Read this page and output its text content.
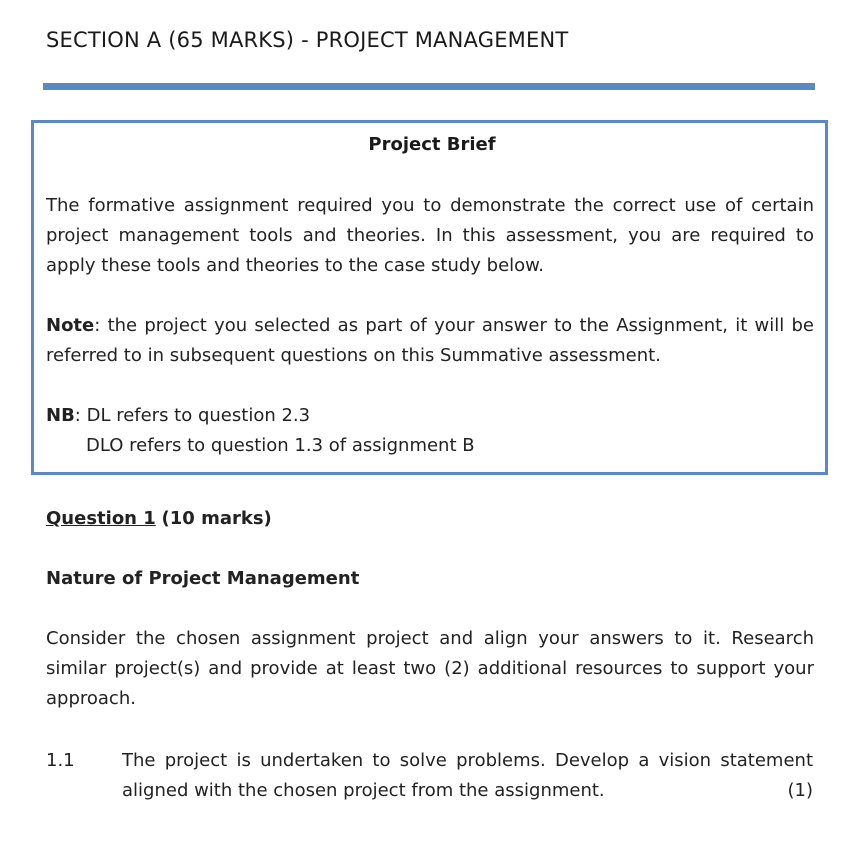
SECTION A (65 MARKS) - PROJECT MANAGEMENT
Project Brief
The formative assignment required you to demonstrate the correct use of certain project management tools and theories. In this assessment, you are required to apply these tools and theories to the case study below.
Note: the project you selected as part of your answer to the Assignment, it will be referred to in subsequent questions on this Summative assessment.
NB: DL refers to question 2.3
DLO refers to question 1.3 of assignment B
Question 1 (10 marks)
Nature of Project Management
Consider the chosen assignment project and align your answers to it. Research similar project(s) and provide at least two (2) additional resources to support your approach.
1.1	The project is undertaken to solve problems. Develop a vision statement aligned with the chosen project from the assignment.	(1)
